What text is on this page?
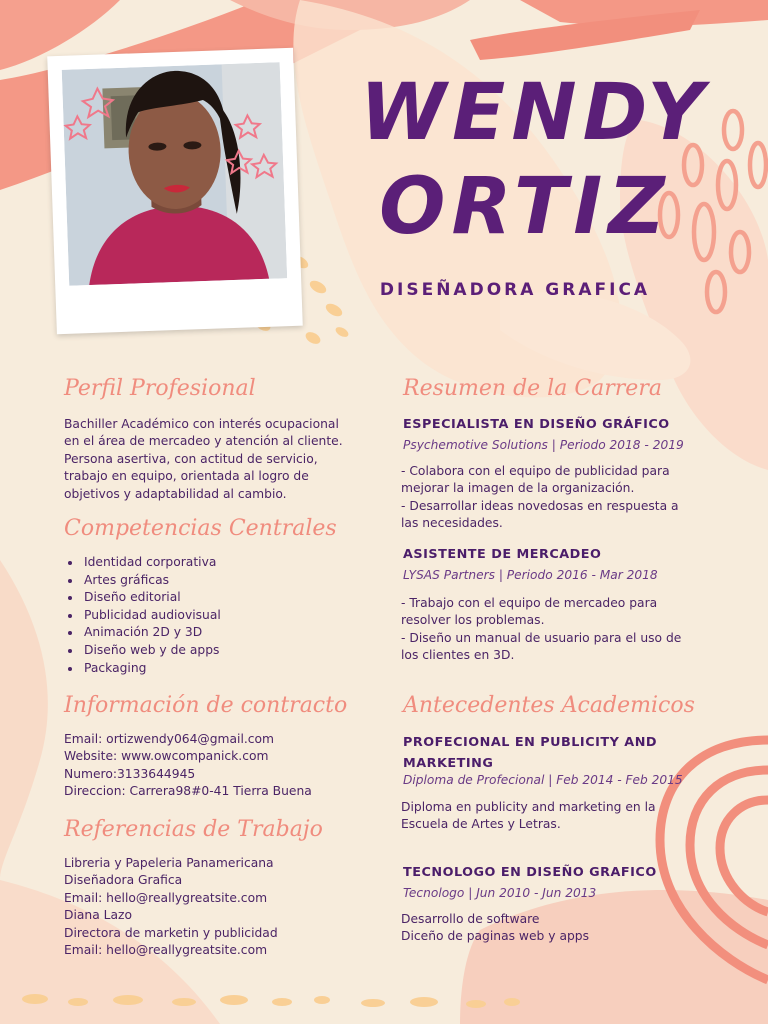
WENDY
ORTIZ
DISEÑADORA GRAFICA
Perfil Profesional
Bachiller Académico con interés ocupacional
en el área de mercadeo y atención al cliente.
Persona asertiva, con actitud de servicio,
trabajo en equipo, orientada al logro de
objetivos y adaptabilidad al cambio.
Competencias Centrales
• Identidad corporativa
• Artes gráficas
• Diseño editorial
• Publicidad audiovisual
• Animación 2D y 3D
• Diseño web y de apps
• Packaging
Información de contracto
Email: ortizwendy064@gmail.com
Website: www.owcompanick.com
Numero:3133644945
Direccion: Carrera98#0-41 Tierra Buena
Referencias de Trabajo
Libreria y Papeleria Panamericana
Diseñadora Grafica
Email: hello@reallygreatsite.com
Diana Lazo
Directora de marketin y publicidad
Email: hello@reallygreatsite.com
Resumen de la Carrera
ESPECIALISTA EN DISEÑO GRÁFICO
Psychemotive Solutions | Periodo 2018 - 2019
- Colabora con el equipo de publicidad para
mejorar la imagen de la organización.
- Desarrollar ideas novedosas en respuesta a
las necesidades.
ASISTENTE DE MERCADEO
LYSAS Partners | Periodo 2016 - Mar 2018
- Trabajo con el equipo de mercadeo para
resolver los problemas.
- Diseño un manual de usuario para el uso de
los clientes en 3D.
Antecedentes Academicos
PROFECIONAL EN PUBLICITY AND
MARKETING
Diploma de Profecional | Feb 2014 - Feb 2015
Diploma en publicity and marketing en la
Escuela de Artes y Letras.
TECNOLOGO EN DISEÑO GRAFICO
Tecnologo | Jun 2010 - Jun 2013
Desarrollo de software
Diceño de paginas web y apps
